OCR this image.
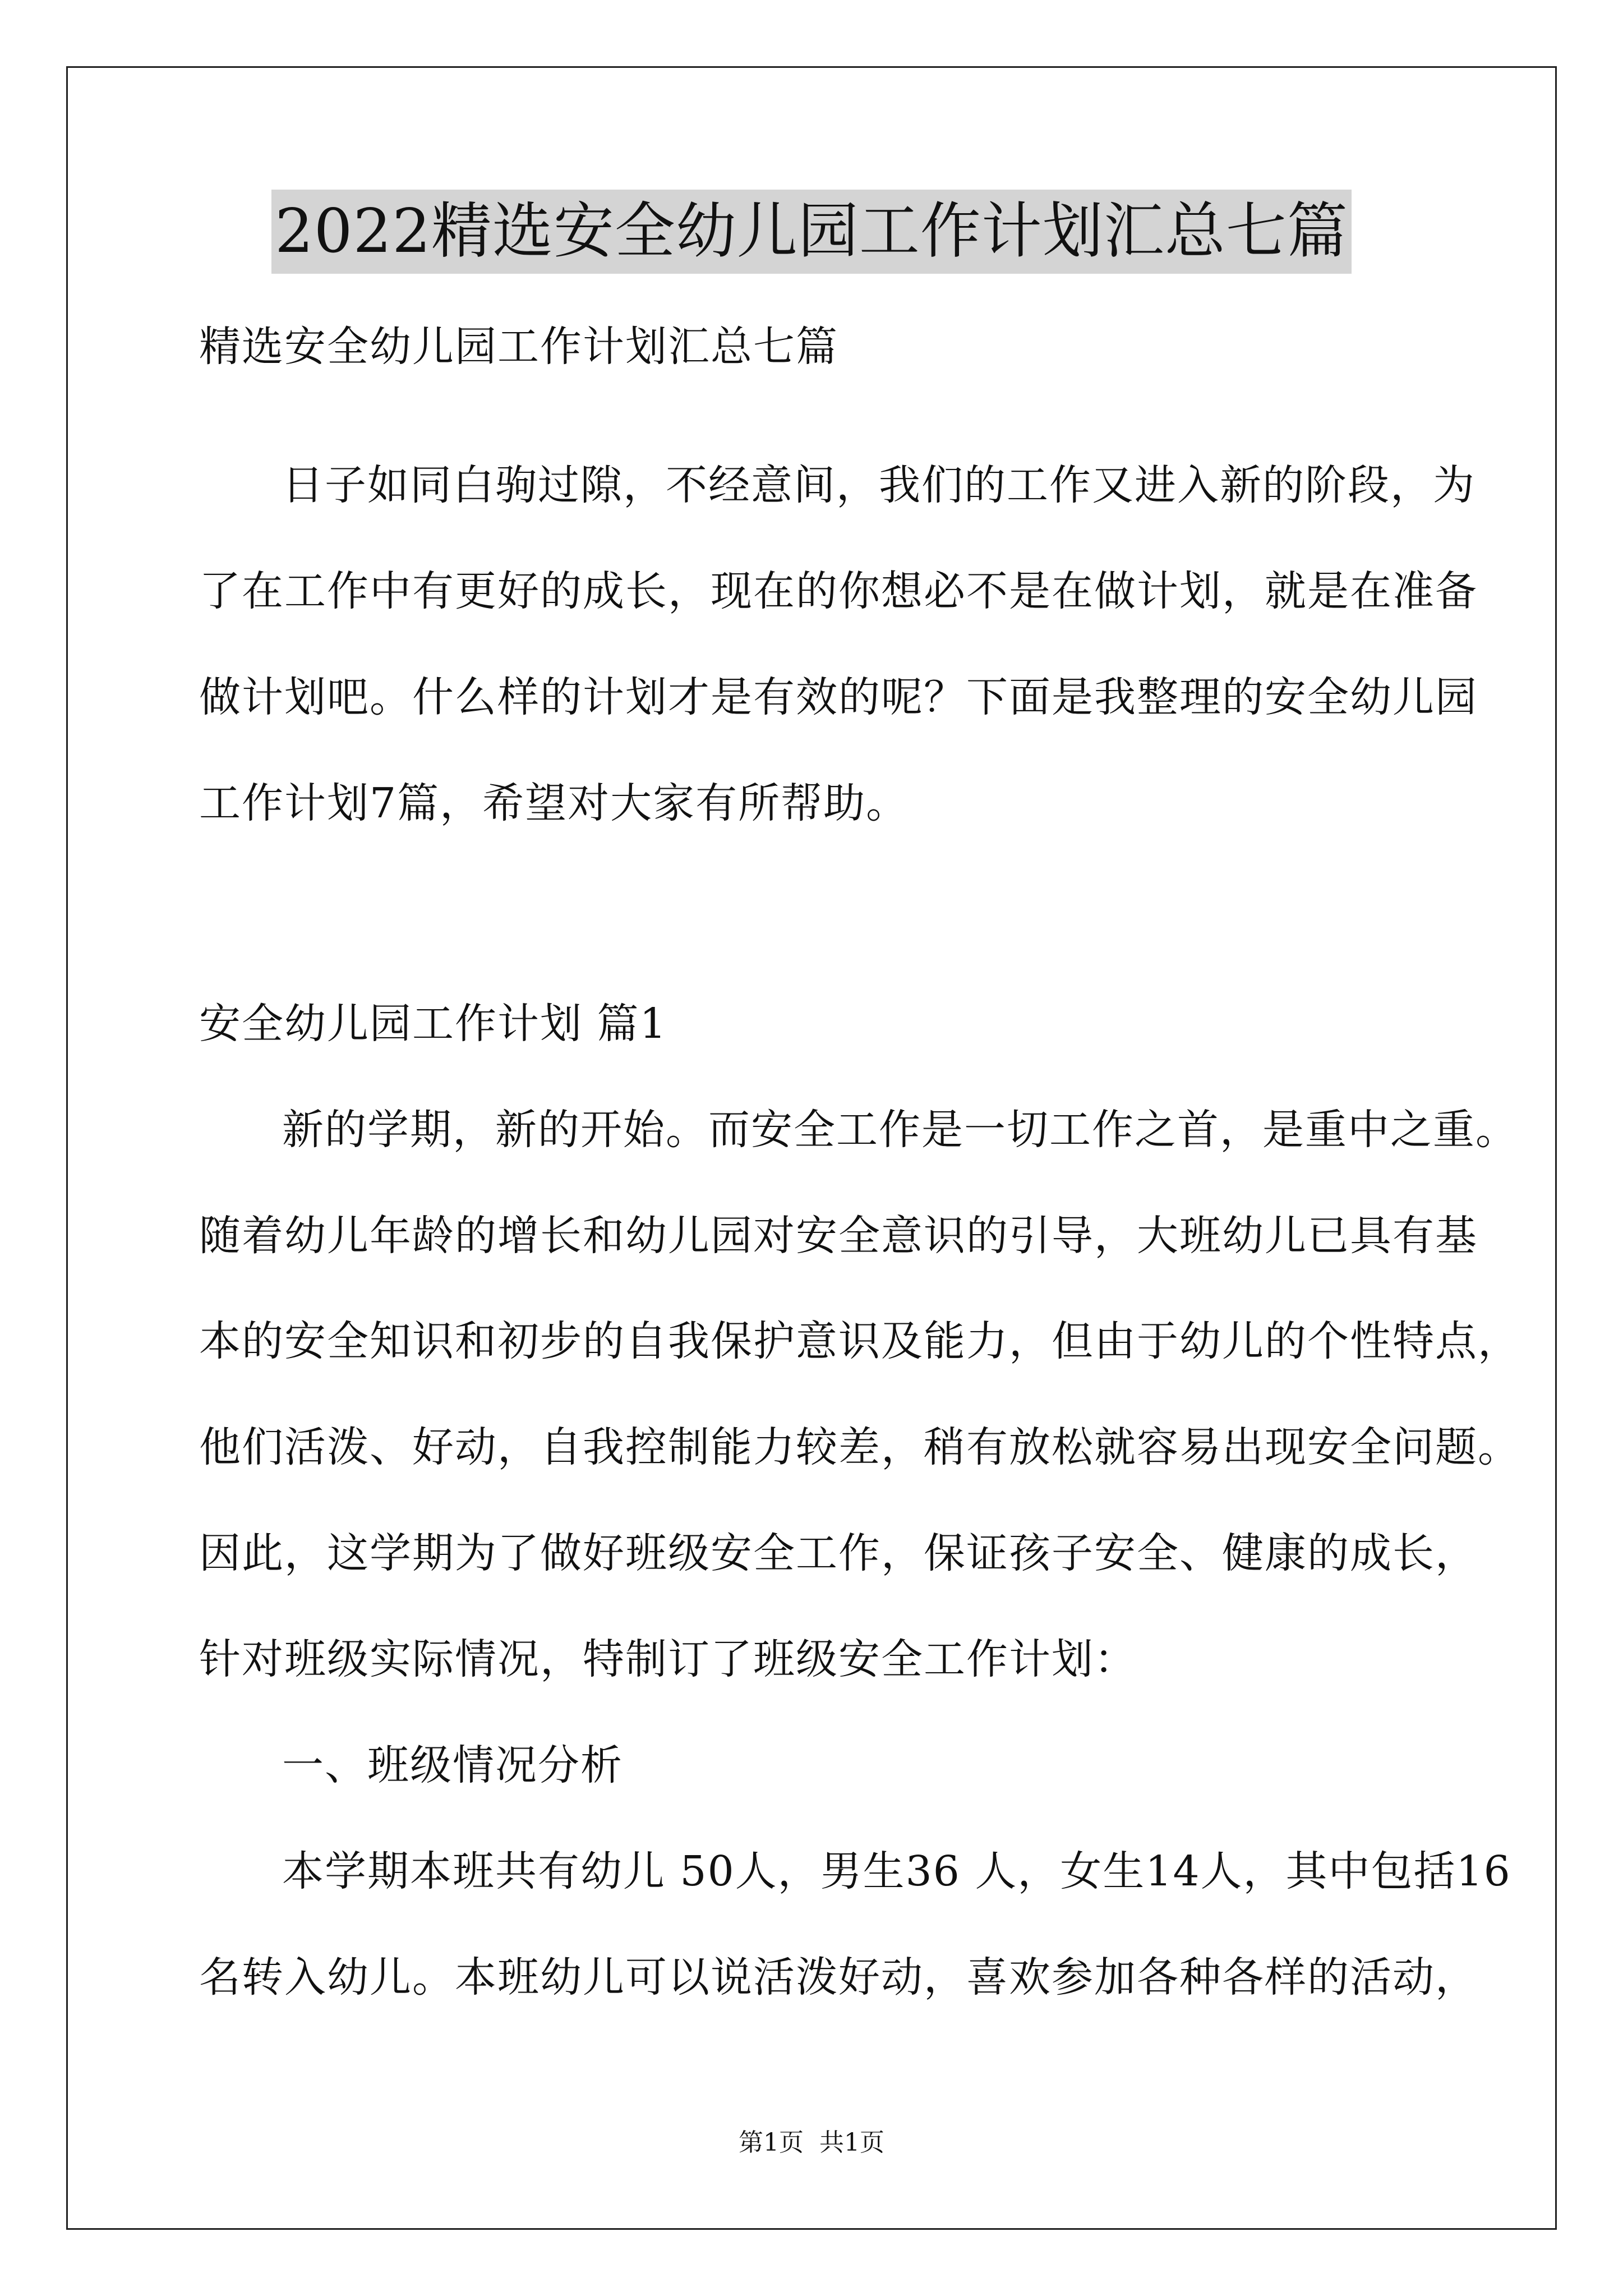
2022精选安全幼儿园工作计划汇总七篇
精选安全幼儿园工作计划汇总七篇
日子如同白驹过隙，不经意间，我们的工作又进入新的阶段，为
了在工作中有更好的成长，现在的你想必不是在做计划，就是在准备
做计划吧。什么样的计划才是有效的呢？下面是我整理的安全幼儿园
工作计划7篇，希望对大家有所帮助。
安全幼儿园工作计划 篇1
新的学期，新的开始。而安全工作是一切工作之首，是重中之重。
随着幼儿年龄的增长和幼儿园对安全意识的引导，大班幼儿已具有基
本的安全知识和初步的自我保护意识及能力，但由于幼儿的个性特点，
他们活泼、好动，自我控制能力较差，稍有放松就容易出现安全问题。
因此，这学期为了做好班级安全工作，保证孩子安全、健康的成长，
针对班级实际情况，特制订了班级安全工作计划：
一、班级情况分析
本学期本班共有幼儿 50人，男生36 人，女生14人，其中包括16
名转入幼儿。本班幼儿可以说活泼好动，喜欢参加各种各样的活动，
第1页 共1页
